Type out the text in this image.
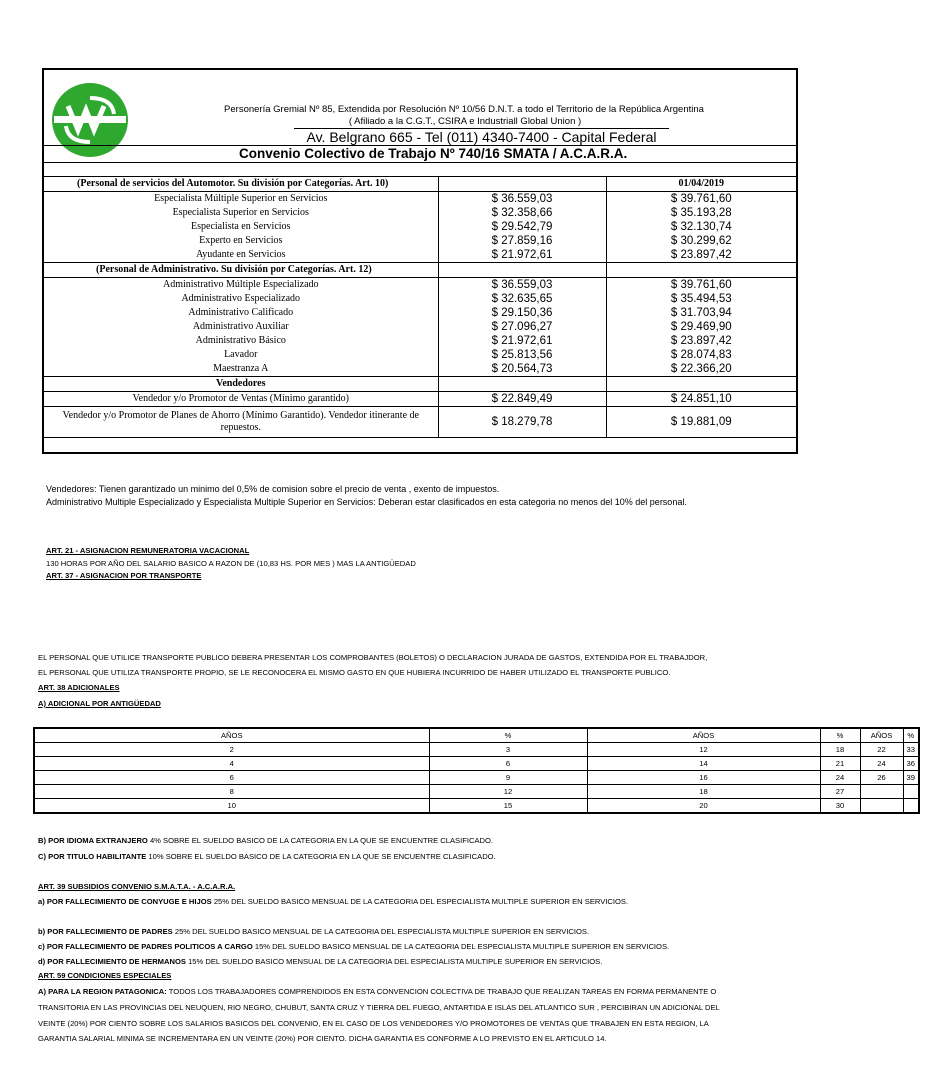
Personería Gremial Nº 85, Extendida por Resolución Nº 10/56 D.N.T. a todo el Territorio de la República Argentina
( Afiliado a la C.G.T., CSIRA e Industriall Global Union )
Av. Belgrano 665 - Tel (011) 4340-7400 - Capital Federal
Convenio Colectivo de Trabajo Nº 740/16 SMATA / A.C.A.R.A.
(Personal de servicios del Automotor. Su división por Categorías. Art. 10)		01/04/2019
Especialista Múltiple Superior en Servicios	$ 36.559,03	$ 39.761,60
Especialista Superior en Servicios	$ 32.358,66	$ 35.193,28
Especialista en Servicios	$ 29.542,79	$ 32.130,74
Experto en Servicios	$ 27.859,16	$ 30.299,62
Ayudante en Servicios	$ 21.972,61	$ 23.897,42
(Personal de Administrativo. Su división por Categorías. Art. 12)		
Administrativo Múltiple Especializado	$ 36.559,03	$ 39.761,60
Administrativo Especializado	$ 32.635,65	$ 35.494,53
Administrativo Calificado	$ 29.150,36	$ 31.703,94
Administrativo Auxiliar	$ 27.096,27	$ 29.469,90
Administrativo Básico	$ 21.972,61	$ 23.897,42
Lavador	$ 25.813,56	$ 28.074,83
Maestranza A	$ 20.564,73	$ 22.366,20
Vendedores		
Vendedor y/o Promotor de Ventas (Mínimo garantido)	$ 22.849,49	$ 24.851,10
Vendedor y/o Promotor de Planes de Ahorro (Mínimo Garantido). Vendedor itinerante de repuestos.	$ 18.279,78	$ 19.881,09
Vendedores: Tienen garantizado un minimo del 0,5% de comision sobre el precio de venta , exento de impuestos.
Administrativo Multiple Especializado y Especialista Multiple Superior en Servicios: Deberan estar clasificados en esta categoria no menos del 10% del personal.
ART. 21 - ASIGNACION REMUNERATORIA VACACIONAL
130 HORAS POR AÑO DEL SALARIO BASICO A RAZON DE (10,83 HS. POR MES ) MAS LA ANTIGÜEDAD
ART. 37 - ASIGNACION POR TRANSPORTE
EL PERSONAL QUE UTILICE TRANSPORTE PUBLICO DEBERA PRESENTAR LOS COMPROBANTES (BOLETOS) O DECLARACION JURADA DE GASTOS, EXTENDIDA POR EL TRABAJDOR,
EL PERSONAL QUE UTILIZA TRANSPORTE PROPIO, SE LE RECONOCERA EL MISMO GASTO EN QUE HUBIERA INCURRIDO DE HABER UTILIZADO EL TRANSPORTE PUBLICO.
ART. 38 ADICIONALES
A) ADICIONAL POR ANTIGÜEDAD
AÑOS	%	AÑOS	%	AÑOS	%
2	3	12	18	22	33
4	6	14	21	24	36
6	9	16	24	26	39
8	12	18	27		
10	15	20	30		
B) POR IDIOMA EXTRANJERO 4% SOBRE EL SUELDO BASICO DE LA CATEGORIA EN LA QUE SE ENCUENTRE CLASIFICADO.
C) POR TITULO HABILITANTE 10% SOBRE EL SUELDO BASICO DE LA CATEGORIA EN LA QUE SE ENCUENTRE CLASIFICADO.
ART. 39 SUBSIDIOS CONVENIO S.M.A.T.A. - A.C.A.R.A.
a) POR FALLECIMIENTO DE CONYUGE E HIJOS 25% DEL SUELDO BASICO MENSUAL DE LA CATEGORIA DEL ESPECIALISTA MULTIPLE SUPERIOR EN SERVICIOS.
b) POR FALLECIMIENTO DE PADRES 25% DEL SUELDO BASICO MENSUAL DE LA CATEGORIA DEL ESPECIALISTA MULTIPLE SUPERIOR EN SERVICIOS.
c) POR FALLECIMIENTO DE PADRES POLITICOS A CARGO 15% DEL SUELDO BASICO MENSUAL DE LA CATEGORIA DEL ESPECIALISTA MULTIPLE SUPERIOR EN SERVICIOS.
d) POR FALLECIMIENTO DE HERMANOS 15% DEL SUELDO BASICO MENSUAL DE LA CATEGORIA DEL ESPECIALISTA MULTIPLE SUPERIOR EN SERVICIOS.
ART. 59 CONDICIONES ESPECIALES
A) PARA LA REGION PATAGONICA: TODOS LOS TRABAJADORES COMPRENDIDOS EN ESTA CONVENCION COLECTIVA DE TRABAJO QUE REALIZAN TAREAS EN FORMA PERMANENTE O
TRANSITORIA EN LAS PROVINCIAS DEL NEUQUEN, RIO NEGRO, CHUBUT, SANTA CRUZ Y TIERRA DEL FUEGO, ANTARTIDA E ISLAS DEL ATLANTICO SUR , PERCIBIRAN UN ADICIONAL DEL
VEINTE (20%) POR CIENTO SOBRE LOS SALARIOS BASICOS DEL CONVENIO, EN EL CASO DE LOS VENDEDORES Y/O PROMOTORES DE VENTAS QUE TRABAJEN EN ESTA REGION, LA
GARANTIA SALARIAL MINIMA SE INCREMENTARA EN UN VEINTE (20%) POR CIENTO. DICHA GARANTIA ES CONFORME A LO PREVISTO EN EL ARTICULO 14.
